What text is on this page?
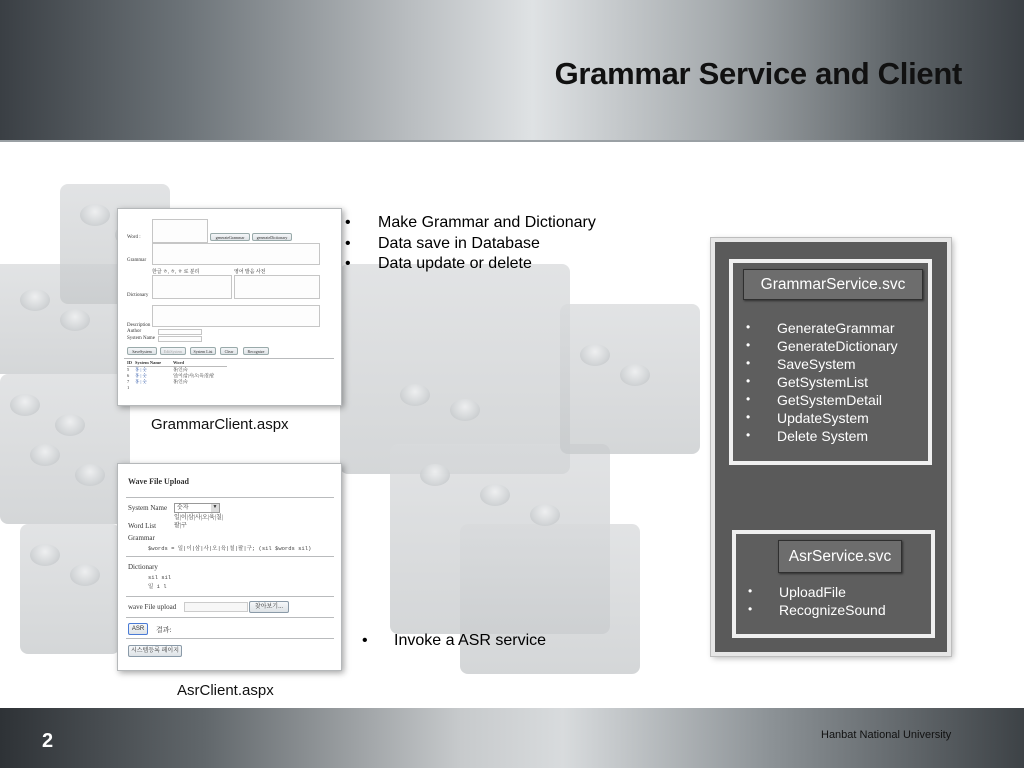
Grammar Service and Client
Word :	generateGrammar	generateDictionary
Grammar
한글 ㅎ, ㅎ, ㅎ 로 분리	영어 발음 사전
Dictionary
Description
Author
System Name
SaveSystem	EditSystem	System List	Clear	Recognize
ID System Name	Word
5	홍 | 숫	홍|인|숙
6	홍 | 숫	일|이|삼|사|오|육|칠|팔
7	홍 | 숫	홍|인|숙
1
GrammarClient.aspx
Wave File Upload
System Name	숫자	▼
Word List
일|이|삼|사|오|육|칠|
팔|구
Grammar
$words = 일|이|삼|사|오|육|칠|팔|구; (sil $words sil)
Dictionary
sil sil
일 i l
wave File upload	찾아보기...
ASR	결과:
시스템등록 페이지
AsrClient.aspx
• Make Grammar and Dictionary
• Data save in Database
• Data update or delete
• Invoke a ASR service
GrammarService.svc
• GenerateGrammar
• GenerateDictionary
• SaveSystem
• GetSystemList
• GetSystemDetail
• UpdateSystem
• Delete System
AsrService.svc
• UploadFile
• RecognizeSound
2	Hanbat National University
